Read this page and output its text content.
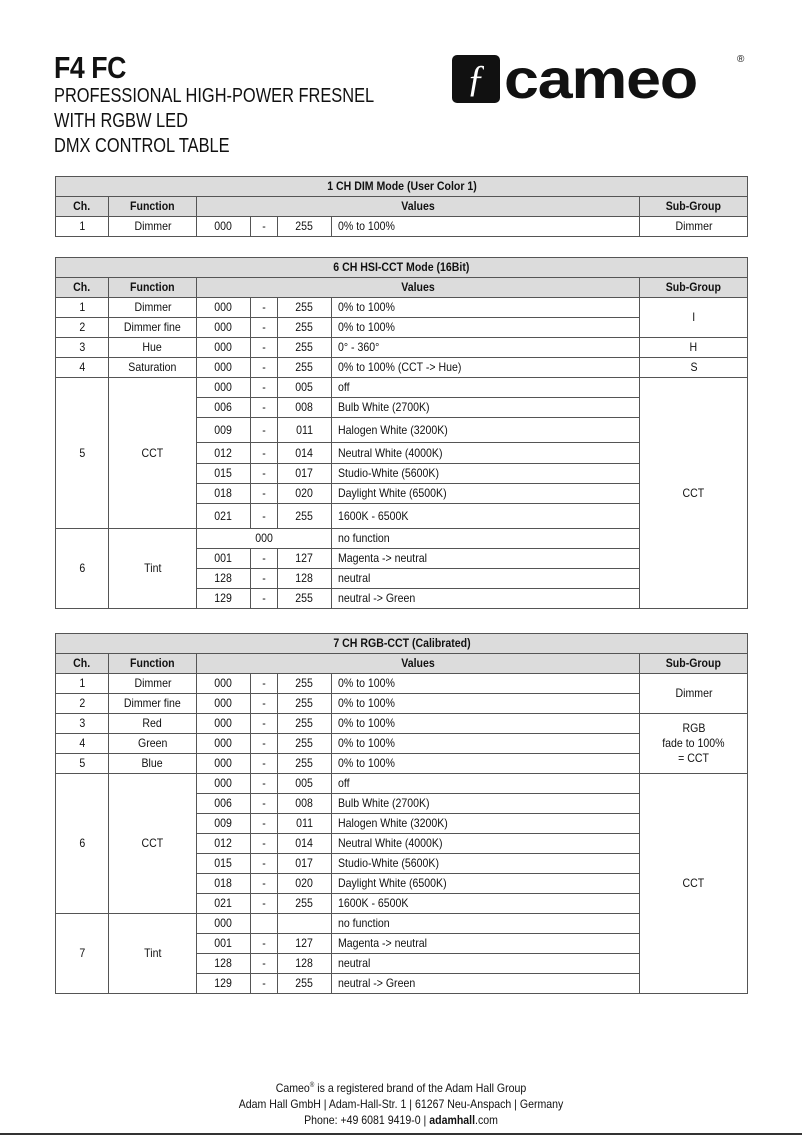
F4 FC
PROFESSIONAL HIGH-POWER FRESNEL
WITH RGBW LED
DMX CONTROL TABLE
ƒ cameo	®
1 CH DIM Mode (User Color 1)						
Ch.	Function	Values				Sub-Group
1	Dimmer	000	-	255	0% to 100%	Dimmer
6 CH HSI-CCT Mode (16Bit)						
Ch.	Function	Values				Sub-Group
1	Dimmer	000	-	255	0% to 100%	I
2	Dimmer fine	000	-	255	0% to 100%	
3	Hue	000	-	255	0° - 360°	H
4	Saturation	000	-	255	0% to 100% (CCT -> Hue)	S
5	CCT	000	-	005	off	CCT
		006	-	008	Bulb White (2700K)	
		009	-	011	Halogen White (3200K)	
		012	-	014	Neutral White (4000K)	
		015	-	017	Studio-White (5600K)	
		018	-	020	Daylight White (6500K)	
		021	-	255	1600K - 6500K	
6	Tint	000			no function	
		001	-	127	Magenta -> neutral	
		128	-	128	neutral	
		129	-	255	neutral -> Green	
7 CH RGB-CCT (Calibrated)						
Ch.	Function	Values				Sub-Group
1	Dimmer	000	-	255	0% to 100%	Dimmer
2	Dimmer fine	000	-	255	0% to 100%	
3	Red	000	-	255	0% to 100%	RGB
fade to 100%
= CCT
4	Green	000	-	255	0% to 100%	
5	Blue	000	-	255	0% to 100%	
6	CCT	000	-	005	off	CCT
		006	-	008	Bulb White (2700K)	
		009	-	011	Halogen White (3200K)	
		012	-	014	Neutral White (4000K)	
		015	-	017	Studio-White (5600K)	
		018	-	020	Daylight White (6500K)	
		021	-	255	1600K - 6500K	
7	Tint	000			no function	
		001	-	127	Magenta -> neutral	
		128	-	128	neutral	
		129	-	255	neutral -> Green	
Cameo® is a registered brand of the Adam Hall Group
Adam Hall GmbH | Adam-Hall-Str. 1 | 61267 Neu-Anspach | Germany
Phone: +49 6081 9419-0 | adamhall.com
